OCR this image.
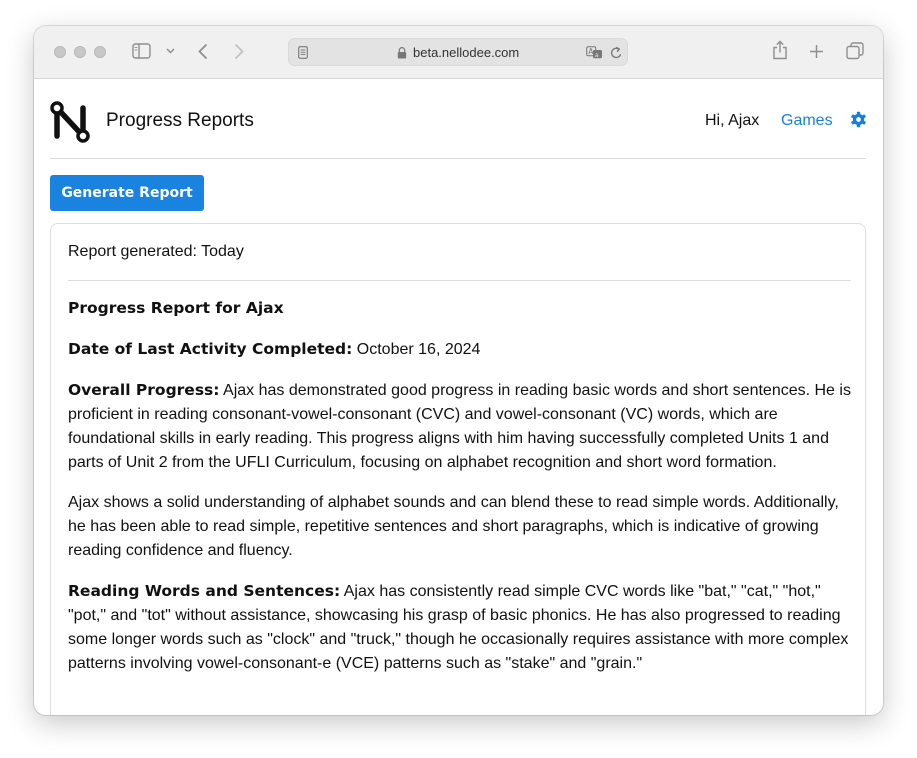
beta.nellodee.com	A a
Progress Reports	Hi, Ajax Games
Generate Report
Report generated: Today

Progress Report for Ajax

Date of Last Activity Completed: October 16, 2024

Overall Progress: Ajax has demonstrated good progress in reading basic words and short sentences. He is proficient in reading consonant-vowel-consonant (CVC) and vowel-consonant (VC) words, which are foundational skills in early reading. This progress aligns with him having successfully completed Units 1 and parts of Unit 2 from the UFLI Curriculum, focusing on alphabet recognition and short word formation.

Ajax shows a solid understanding of alphabet sounds and can blend these to read simple words. Additionally, he has been able to read simple, repetitive sentences and short paragraphs, which is indicative of growing reading confidence and fluency.

Reading Words and Sentences: Ajax has consistently read simple CVC words like "bat," "cat," "hot," "pot," and "tot" without assistance, showcasing his grasp of basic phonics. He has also progressed to reading some longer words such as "clock" and "truck," though he occasionally requires assistance with more complex patterns involving vowel-consonant-e (VCE) patterns such as "stake" and "grain."
